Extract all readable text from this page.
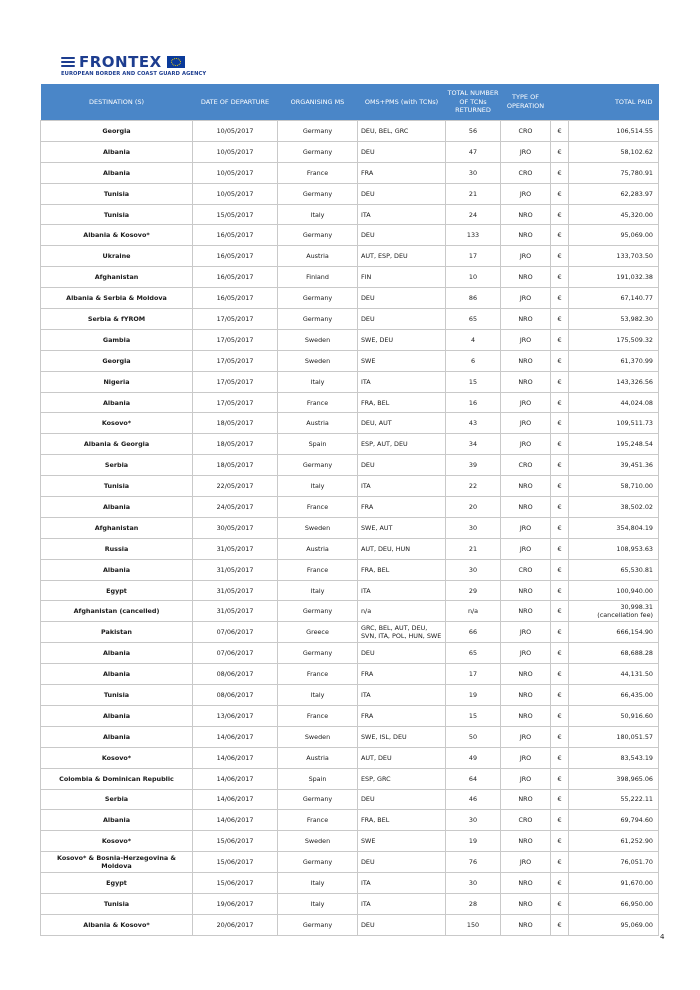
FRONTEX
EUROPEAN BORDER AND COAST GUARD AGENCY
DESTINATION (S)	DATE OF DEPARTURE	ORGANISING MS	OMS+PMS (with TCNs)	TOTAL NUMBER OF TCNs RETURNED	TYPE OF OPERATION	TOTAL PAID	
Georgia	10/05/2017	Germany	DEU, BEL, GRC	56	CRO	€	106,514.55
Albania	10/05/2017	Germany	DEU	47	JRO	€	58,102.62
Albania	10/05/2017	France	FRA	30	CRO	€	75,780.91
Tunisia	10/05/2017	Germany	DEU	21	JRO	€	62,283.97
Tunisia	15/05/2017	Italy	ITA	24	NRO	€	45,320.00
Albania & Kosovo*	16/05/2017	Germany	DEU	133	NRO	€	95,069.00
Ukraine	16/05/2017	Austria	AUT, ESP, DEU	17	JRO	€	133,703.50
Afghanistan	16/05/2017	Finland	FIN	10	NRO	€	191,032.38
Albania & Serbia & Moldova	16/05/2017	Germany	DEU	86	JRO	€	67,140.77
Serbia & fYROM	17/05/2017	Germany	DEU	65	NRO	€	53,982.30
Gambia	17/05/2017	Sweden	SWE, DEU	4	JRO	€	175,509.32
Georgia	17/05/2017	Sweden	SWE	6	NRO	€	61,370.99
Nigeria	17/05/2017	Italy	ITA	15	NRO	€	143,326.56
Albania	17/05/2017	France	FRA, BEL	16	JRO	€	44,024.08
Kosovo*	18/05/2017	Austria	DEU, AUT	43	JRO	€	109,511.73
Albania & Georgia	18/05/2017	Spain	ESP, AUT, DEU	34	JRO	€	195,248.54
Serbia	18/05/2017	Germany	DEU	39	CRO	€	39,451.36
Tunisia	22/05/2017	Italy	ITA	22	NRO	€	58,710.00
Albania	24/05/2017	France	FRA	20	NRO	€	38,502.02
Afghanistan	30/05/2017	Sweden	SWE, AUT	30	JRO	€	354,804.19
Russia	31/05/2017	Austria	AUT, DEU, HUN	21	JRO	€	108,953.63
Albania	31/05/2017	France	FRA, BEL	30	CRO	€	65,530.81
Egypt	31/05/2017	Italy	ITA	29	NRO	€	100,940.00
Afghanistan (cancelled)	31/05/2017	Germany	n/a	n/a	NRO	€	30,998.31
(cancellation fee)

Pakistan	07/06/2017	Greece	GRC, BEL, AUT, DEU, SVN, ITA, POL, HUN, SWE	66	JRO	€	666,154.90
Albania	07/06/2017	Germany	DEU	65	JRO	€	68,688.28
Albania	08/06/2017	France	FRA	17	NRO	€	44,131.50
Tunisia	08/06/2017	Italy	ITA	19	NRO	€	66,435.00
Albania	13/06/2017	France	FRA	15	NRO	€	50,916.60
Albania	14/06/2017	Sweden	SWE, ISL, DEU	50	JRO	€	180,051.57
Kosovo*	14/06/2017	Austria	AUT, DEU	49	JRO	€	83,543.19
Colombia & Dominican Republic	14/06/2017	Spain	ESP, GRC	64	JRO	€	398,965.06
Serbia	14/06/2017	Germany	DEU	46	NRO	€	55,222.11
Albania	14/06/2017	France	FRA, BEL	30	CRO	€	69,794.60
Kosovo*	15/06/2017	Sweden	SWE	19	NRO	€	61,252.90
Kosovo* & Bosnia-Herzegovina & Moldova	15/06/2017	Germany	DEU	76	JRO	€	76,051.70
Egypt	15/06/2017	Italy	ITA	30	NRO	€	91,670.00
Tunisia	19/06/2017	Italy	ITA	28	NRO	€	66,950.00
Albania & Kosovo*	20/06/2017	Germany	DEU	150	NRO	€	95,069.00
4
